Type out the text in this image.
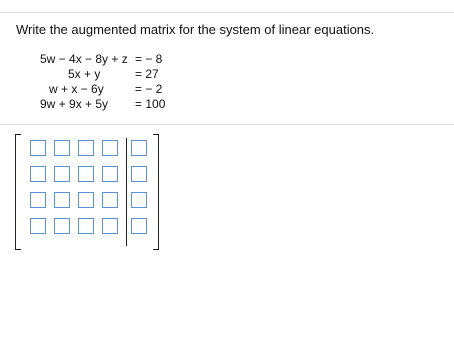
Write the augmented matrix for the system of linear equations.
5w − 4x − 8y + z = − 8
5x + y	= 27
w + x − 6y	= − 2
9w + 9x + 5y = 100
